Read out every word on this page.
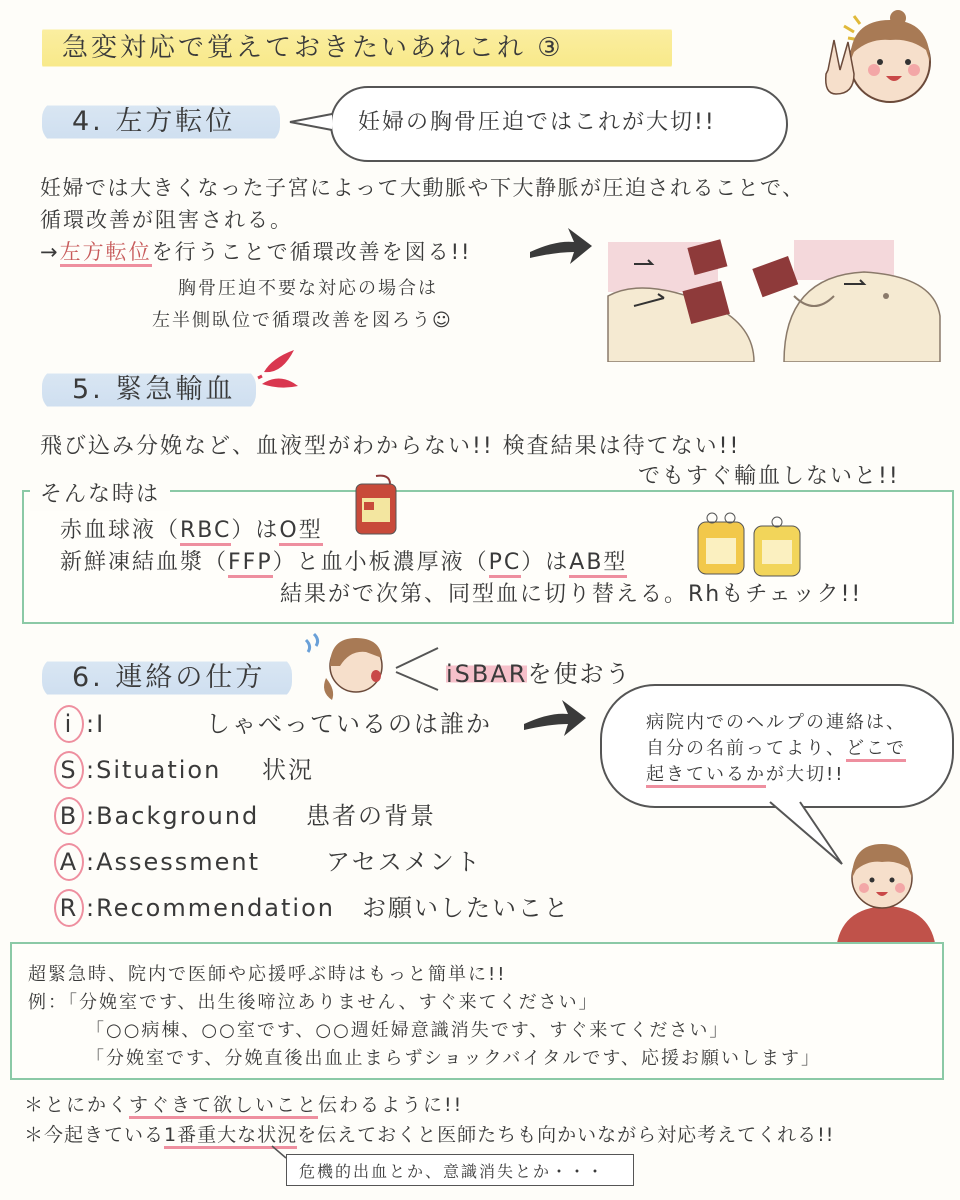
急変対応で覚えておきたいあれこれ ③
4. 左方転位	妊婦の胸骨圧迫ではこれが大切!!
妊婦では大きくなった子宮によって大動脈や下大静脈が圧迫されることで、
循環改善が阻害される。
→左方転位を行うことで循環改善を図る!!
胸骨圧迫不要な対応の場合は
左半側臥位で循環改善を図ろう☺
5. 緊急輸血
飛び込み分娩など、血液型がわからない!! 検査結果は待てない!!
でもすぐ輸血しないと!!
そんな時は
赤血球液（RBC）はO型
新鮮凍結血漿（FFP）と血小板濃厚液（PC）はAB型
結果がで次第、同型血に切り替える。Rhもチェック!!
6. 連絡の仕方	iSBARを使おう
i :I	しゃべっているのは誰か
S :Situation 状況
B :Background 患者の背景
A :Assessment	アセスメント
R :Recommendation お願いしたいこと
病院内でのヘルプの連絡は、
自分の名前ってより、どこで
起きているかが大切!!
超緊急時、院内で医師や応援呼ぶ時はもっと簡単に!!
例：「分娩室です、出生後啼泣ありません、すぐ来てください」
「○○病棟、○○室です、○○週妊婦意識消失です、すぐ来てください」
「分娩室です、分娩直後出血止まらずショックバイタルです、応援お願いします」
＊とにかくすぐきて欲しいこと伝わるように!!
＊今起きている1番重大な状況を伝えておくと医師たちも向かいながら対応考えてくれる!!
危機的出血とか、意識消失とか・・・
